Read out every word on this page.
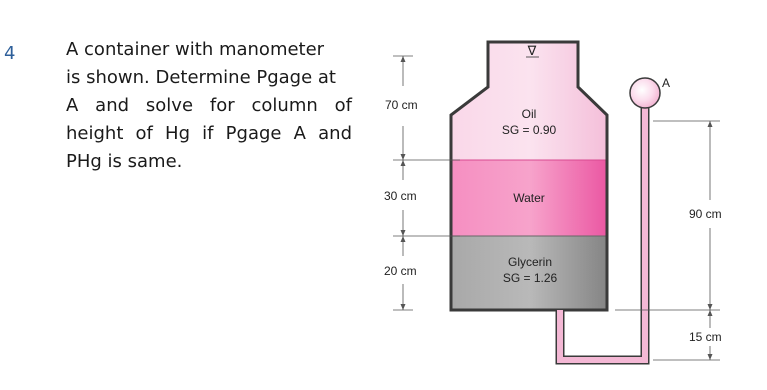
4	A container with manometer
is shown. Determine Pgage at
A and solve for column of
height of Hg if Pgage A and
PHg is same.
∇
A
70 cm
30 cm
20 cm
90 cm
15 cm
Oil
SG = 0.90
Water
Glycerin
SG = 1.26
